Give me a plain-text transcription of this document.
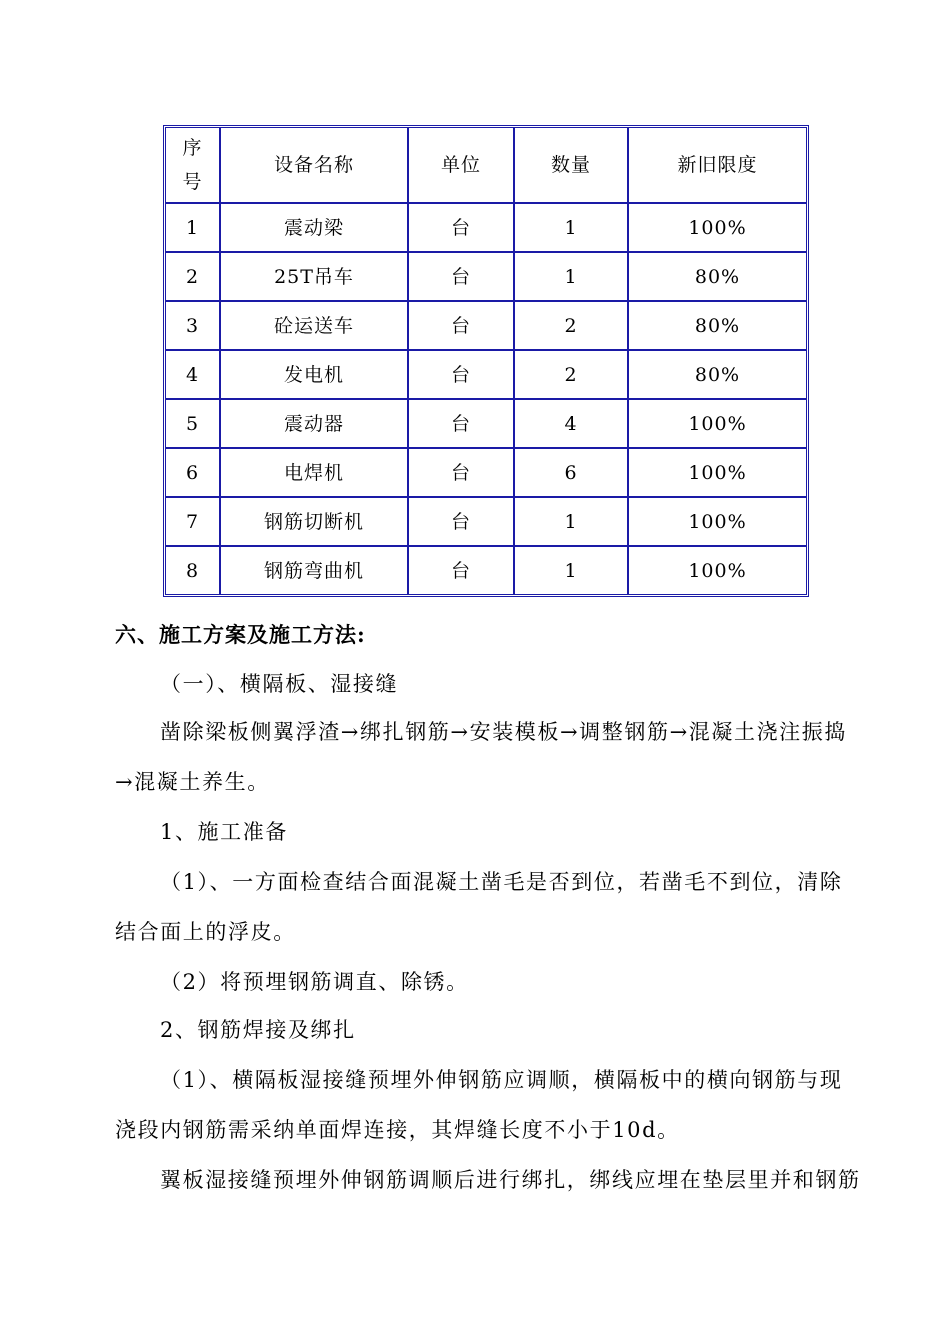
序号	设备名称	单位	数量	新旧限度
1	震动梁	台	1	100%
2	25T吊车	台	1	80%
3	砼运送车	台	2	80%
4	发电机	台	2	80%
5	震动器	台	4	100%
6	电焊机	台	6	100%
7	钢筋切断机	台	1	100%
8	钢筋弯曲机	台	1	100%
六、施工方案及施工方法:
（一）、横隔板、湿接缝
凿除梁板侧翼浮渣→绑扎钢筋→安装模板→调整钢筋→混凝土浇注振捣
→混凝土养生。
1、施工准备
（1）、一方面检查结合面混凝土凿毛是否到位，若凿毛不到位，清除
结合面上的浮皮。
（2）将预埋钢筋调直、除锈。
2、钢筋焊接及绑扎
（1）、横隔板湿接缝预埋外伸钢筋应调顺，横隔板中的横向钢筋与现
浇段内钢筋需采纳单面焊连接，其焊缝长度不小于10d。
翼板湿接缝预埋外伸钢筋调顺后进行绑扎，绑线应埋在垫层里并和钢筋
